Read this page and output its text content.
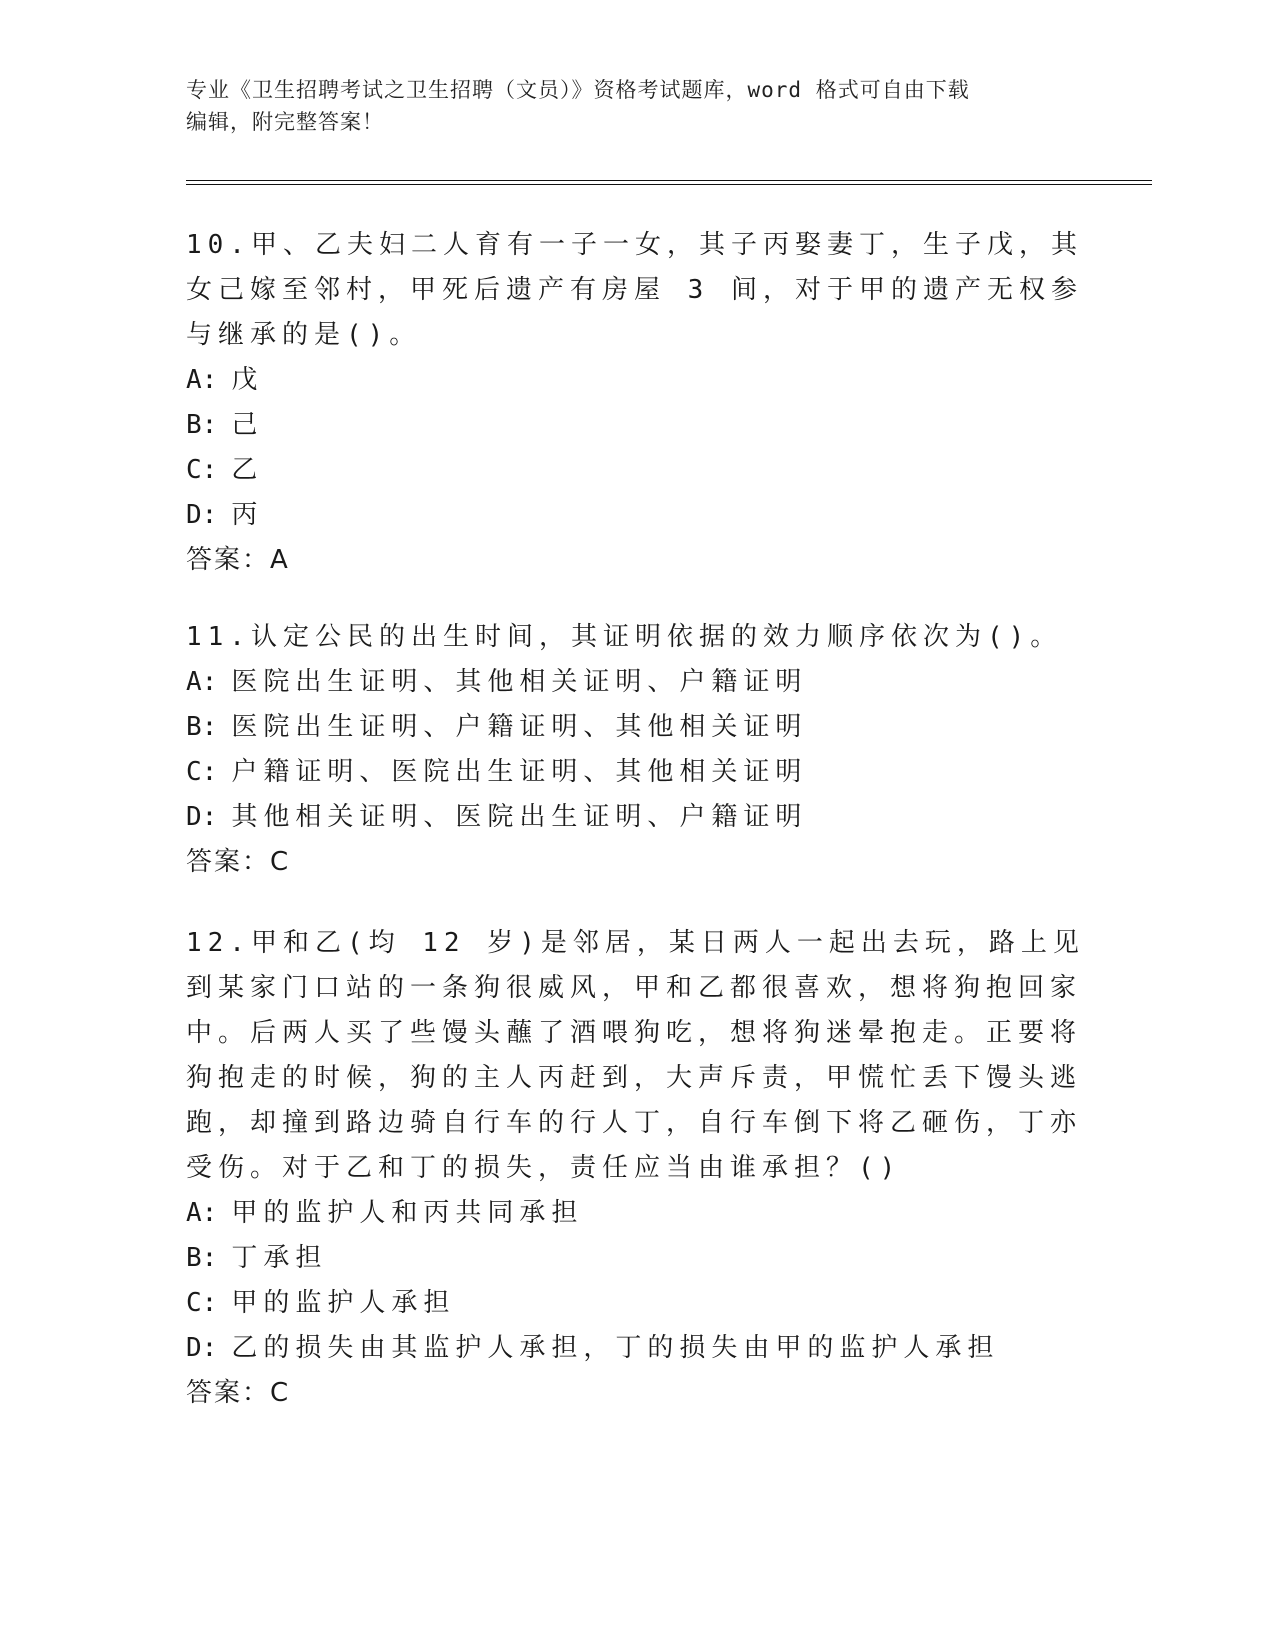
专业《卫生招聘考试之卫生招聘（文员）》资格考试题库，word 格式可自由下载
编辑，附完整答案！

10.甲、乙夫妇二人育有一子一女，其子丙娶妻丁，生子戊，其女己嫁至邻村，甲死后遗产有房屋 3 间，对于甲的遗产无权参与继承的是()。

A: 戊
B: 己
C: 乙
D: 丙
答案：A

11.认定公民的出生时间，其证明依据的效力顺序依次为()。

A: 医院出生证明、其他相关证明、户籍证明
B: 医院出生证明、户籍证明、其他相关证明
C: 户籍证明、医院出生证明、其他相关证明
D: 其他相关证明、医院出生证明、户籍证明
答案：C

12.甲和乙(均 12 岁)是邻居，某日两人一起出去玩，路上见到某家门口站的一条狗很威风，甲和乙都很喜欢，想将狗抱回家中。后两人买了些馒头蘸了酒喂狗吃，想将狗迷晕抱走。正要将狗抱走的时候，狗的主人丙赶到，大声斥责，甲慌忙丢下馒头逃跑，却撞到路边骑自行车的行人丁，自行车倒下将乙砸伤，丁亦受伤。对于乙和丁的损失，责任应当由谁承担？()

A: 甲的监护人和丙共同承担
B: 丁承担
C: 甲的监护人承担
D: 乙的损失由其监护人承担，丁的损失由甲的监护人承担
答案：C
